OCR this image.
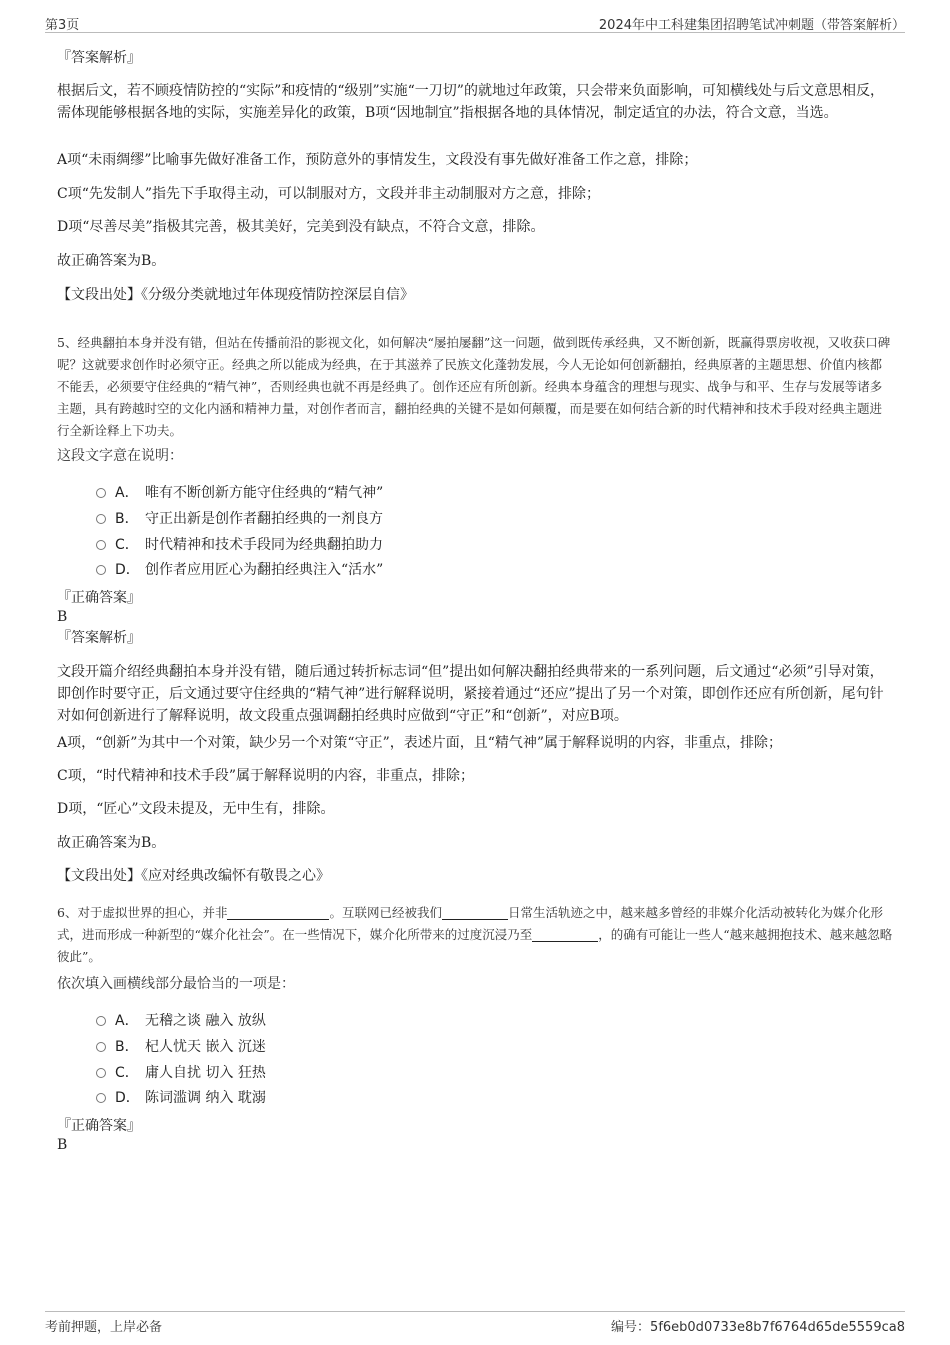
第3页	2024年中工科建集团招聘笔试冲刺题（带答案解析）
『答案解析』
根据后文，若不顾疫情防控的“实际”和疫情的“级别”实施“一刀切”的就地过年政策，只会带来负面影响，可知横线处与后文意思相反，需体现能够根据各地的实际，实施差异化的政策，B项“因地制宜”指根据各地的具体情况，制定适宜的办法，符合文意，当选。
A项“未雨绸缪”比喻事先做好准备工作，预防意外的事情发生，文段没有事先做好准备工作之意，排除；
C项“先发制人”指先下手取得主动，可以制服对方，文段并非主动制服对方之意，排除；
D项“尽善尽美”指极其完善，极其美好，完美到没有缺点，不符合文意，排除。
故正确答案为B。
【文段出处】《分级分类就地过年体现疫情防控深层自信》
5、经典翻拍本身并没有错，但站在传播前沿的影视文化，如何解决“屡拍屡翻”这一问题，做到既传承经典，又不断创新，既赢得票房收视，又收获口碑呢？这就要求创作时必须守正。经典之所以能成为经典，在于其滋养了民族文化蓬勃发展，今人无论如何创新翻拍，经典原著的主题思想、价值内核都不能丢，必须要守住经典的“精气神”，否则经典也就不再是经典了。创作还应有所创新。经典本身蕴含的理想与现实、战争与和平、生存与发展等诸多主题，具有跨越时空的文化内涵和精神力量，对创作者而言，翻拍经典的关键不是如何颠覆，而是要在如何结合新的时代精神和技术手段对经典主题进行全新诠释上下功夫。
这段文字意在说明：
A． 唯有不断创新方能守住经典的“精气神”
B． 守正出新是创作者翻拍经典的一剂良方
C． 时代精神和技术手段同为经典翻拍助力
D． 创作者应用匠心为翻拍经典注入“活水”
『正确答案』
B
『答案解析』
文段开篇介绍经典翻拍本身并没有错，随后通过转折标志词“但”提出如何解决翻拍经典带来的一系列问题，后文通过“必须”引导对策，即创作时要守正，后文通过要守住经典的“精气神”进行解释说明，紧接着通过“还应”提出了另一个对策，即创作还应有所创新，尾句针对如何创新进行了解释说明，故文段重点强调翻拍经典时应做到“守正”和“创新”，对应B项。
A项，“创新”为其中一个对策，缺少另一个对策“守正”，表述片面，且“精气神”属于解释说明的内容，非重点，排除；
C项，“时代精神和技术手段”属于解释说明的内容，非重点，排除；
D项，“匠心”文段未提及，无中生有，排除。
故正确答案为B。
【文段出处】《应对经典改编怀有敬畏之心》
6、对于虚拟世界的担心，并非	。互联网已经被我们	日常生活轨迹之中，越来越多曾经的非媒介化活动被转化为媒介化形式，进而形成一种新型的“媒介化社会”。在一些情况下，媒介化所带来的过度沉浸乃至	，的确有可能让一些人“越来越拥抱技术、越来越忽略彼此”。
依次填入画横线部分最恰当的一项是：
A． 无稽之谈 融入 放纵
B． 杞人忧天 嵌入 沉迷
C． 庸人自扰 切入 狂热
D． 陈词滥调 纳入 耽溺
『正确答案』
B
考前押题，上岸必备	编号：5f6eb0d0733e8b7f6764d65de5559ca8
